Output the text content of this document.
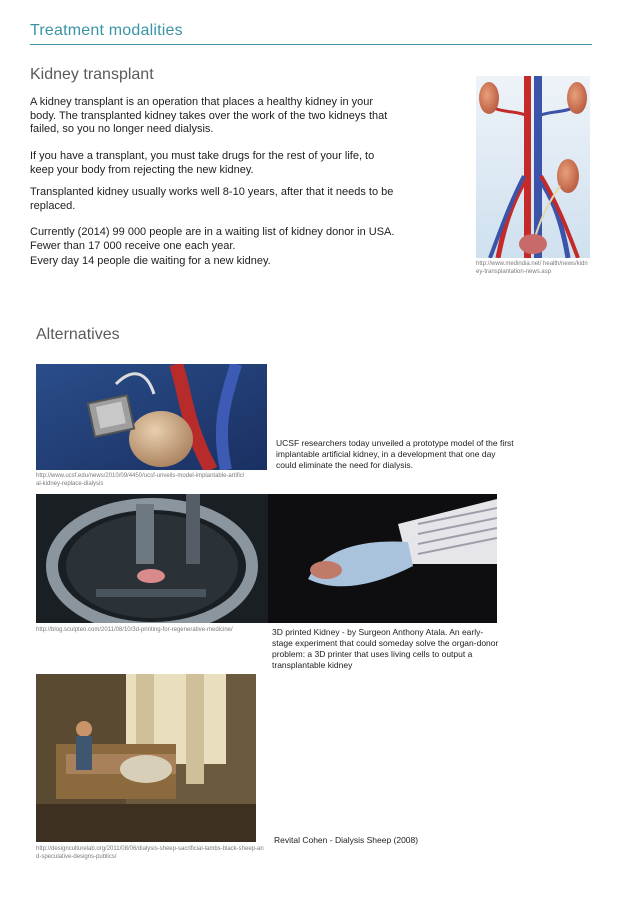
Treatment modalities
Kidney transplant

A kidney transplant is an operation that places a healthy kidney in your body. The transplanted kidney takes over the work of the two kidneys that failed, so you no longer need dialysis.

If you have a transplant, you must take drugs for the rest of your life, to keep your body from rejecting the new kidney.

Transplanted kidney usually works well 8-10 years, after that it needs to be replaced.

Currently (2014) 99 000 people are in a waiting list of kidney donor in USA. Fewer than 17 000 receive one each year.

Every day 14 people die waiting for a new kidney.	http://www.medindia.net/ health/news/kidney-transplantation-news.asp
Alternatives
http://www.ucsf.edu/news/2010/09/4450/ucsf-unveils-model-implantable-artificial-kidney-replace-dialysis
UCSF researchers today unveiled a prototype model of the first implantable artificial kidney, in a development that one day could eliminate the need for dialysis.
http://blog.sculpteo.com/2011/08/10/3d-printing-for-regenerative-medicine/	3D printed Kidney - by Surgeon Anthony Atala. An early-stage experiment that could someday solve the organ-donor problem: a 3D printer that uses living cells to output a transplantable kidney
http://designculturelab.org/2011/08/06/dialysis-sheep-sacrificial-lambs-black-sheep-and-speculative-designs-publics/
Revital Cohen - Dialysis Sheep (2008)
